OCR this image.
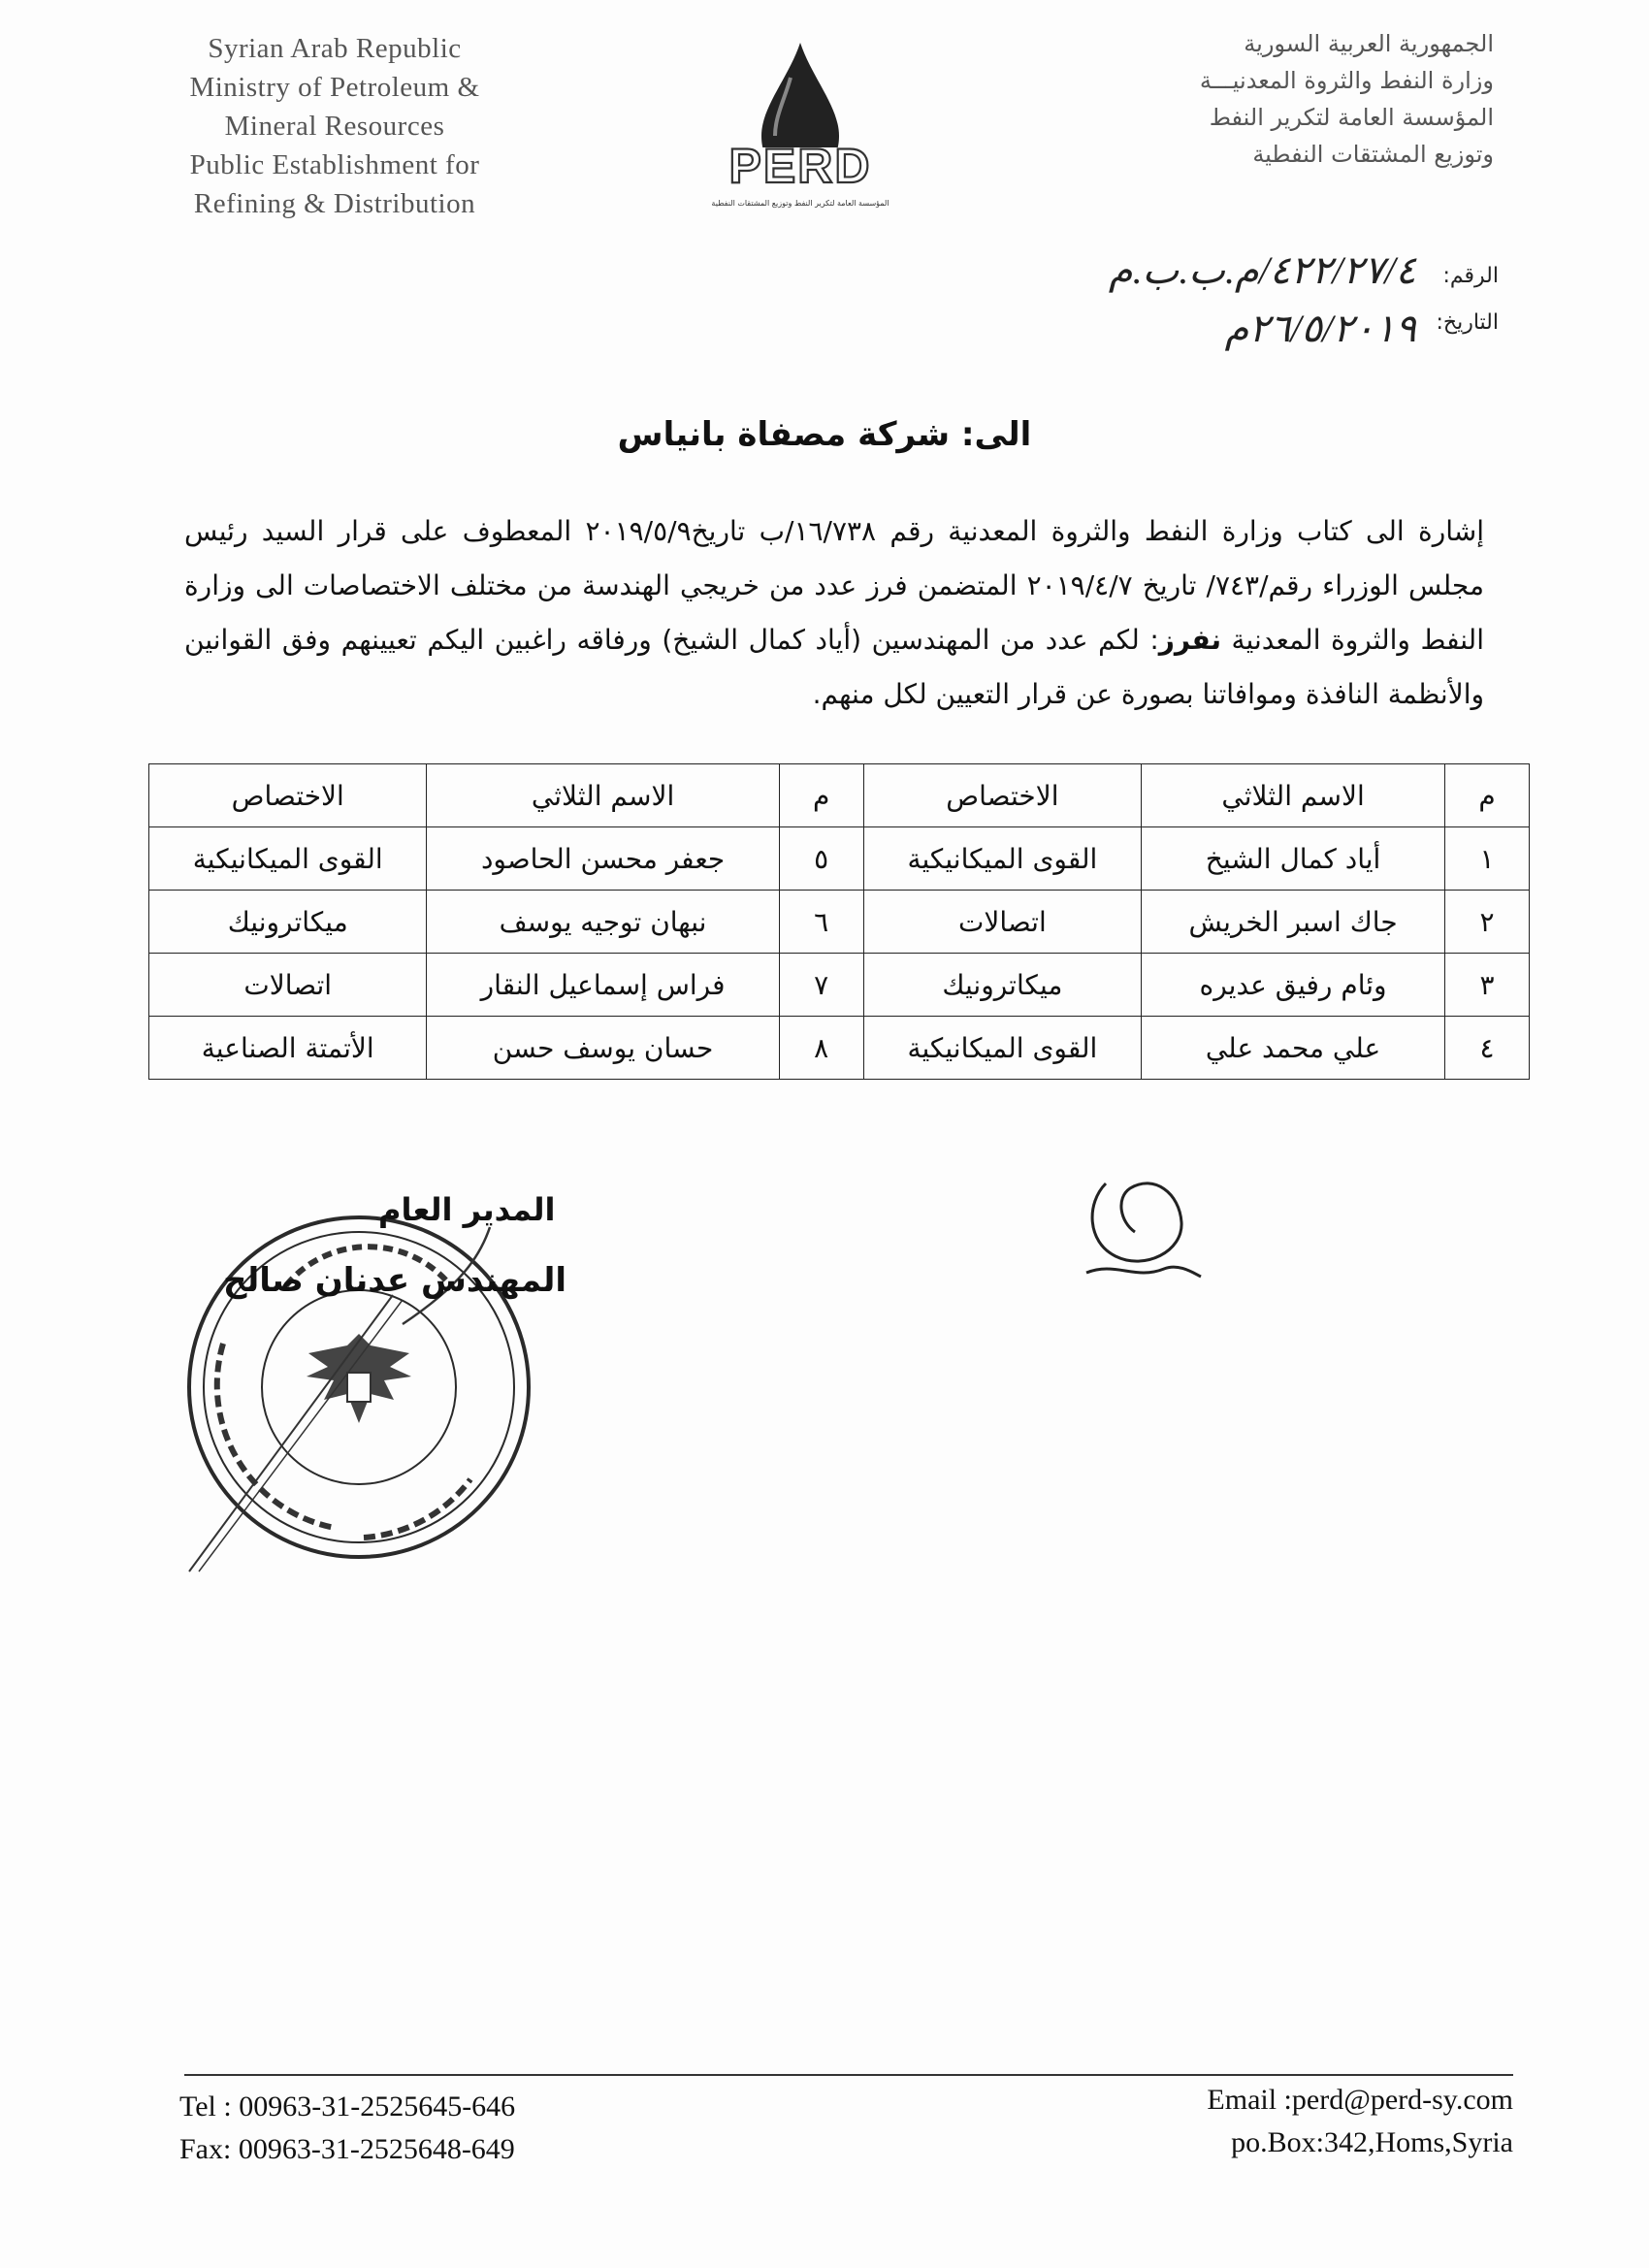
Syrian Arab Republic
Ministry of Petroleum &
Mineral Resources
Public Establishment for
Refining & Distribution
PERD
المؤسسة العامة لتكرير النفط وتوزيع المشتقات النفطية
الجمهورية العربية السورية
وزارة النفط والثروة المعدنيـــة
المؤسسة العامة لتكرير النفط
وتوزيع المشتقات النفطية
الرقم:
٤٢٢/٢٧/٤/م.ب.ب.م
التاريخ:
٢٦/٥/٢٠١٩م
الى: شركة مصفاة بانياس
إشارة الى كتاب وزارة النفط والثروة المعدنية رقم ١٦/٧٣٨/ب تاريخ٢٠١٩/٥/٩ المعطوف على قرار السيد رئيس مجلس الوزراء رقم/٧٤٣/ تاريخ ٢٠١٩/٤/٧ المتضمن فرز عدد من خريجي الهندسة من مختلف الاختصاصات الى وزارة النفط والثروة المعدنية نفرز: لكم عدد من المهندسين (أياد كمال الشيخ) ورفاقه راغبين اليكم تعيينهم وفق القوانين والأنظمة النافذة وموافاتنا بصورة عن قرار التعيين لكل منهم.
م	الاسم الثلاثي	الاختصاص	م	الاسم الثلاثي	الاختصاص
١	أياد كمال الشيخ	القوى الميكانيكية	٥	جعفر محسن الحاصود	القوى الميكانيكية
٢	جاك اسبر الخريش	اتصالات	٦	نبهان توجيه يوسف	ميكاترونيك
٣	وئام رفيق عديره	ميكاترونيك	٧	فراس إسماعيل النقار	اتصالات
٤	علي محمد علي	القوى الميكانيكية	٨	حسان يوسف حسن	الأتمتة الصناعية
المدير العام
المهندس عدنان صالح
Tel : 00963-31-2525645-646
Fax: 00963-31-2525648-649
Email :perd@perd-sy.com
po.Box:342,Homs,Syria
